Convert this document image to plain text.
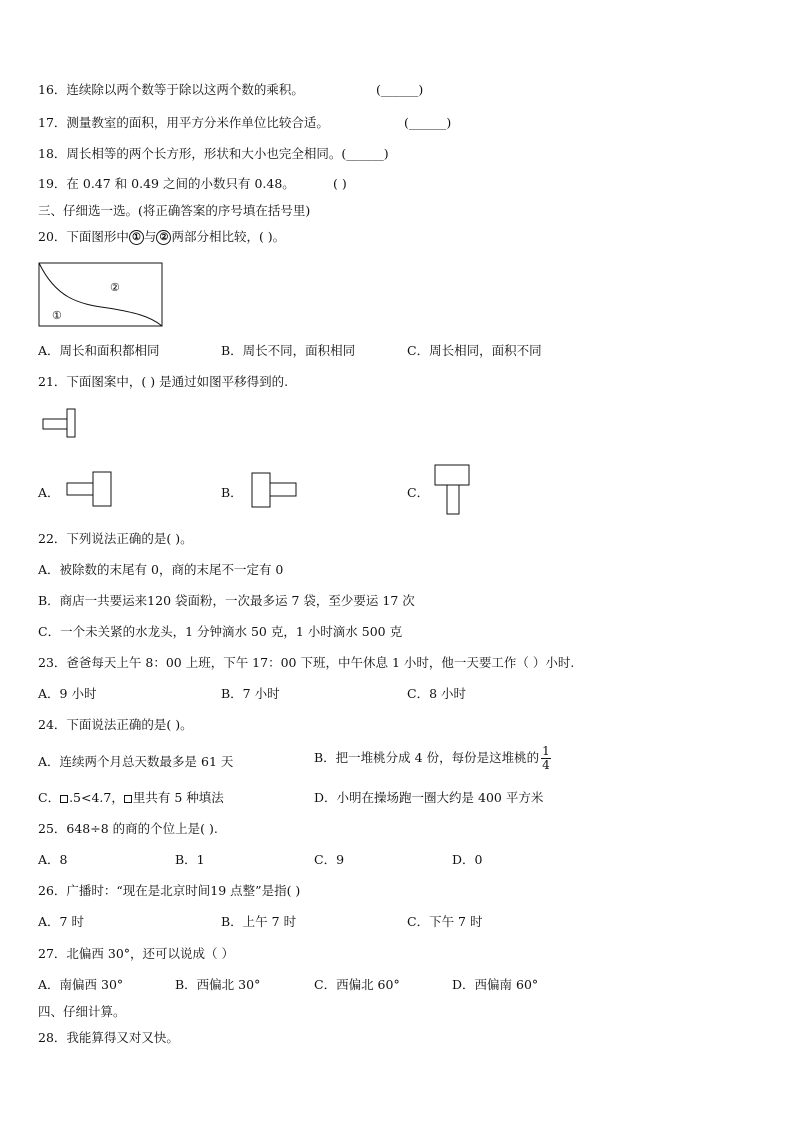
16．连续除以两个数等于除以这两个数的乘积。	(______)
17．测量教室的面积，用平方分米作单位比较合适。	(______)
18．周长相等的两个长方形，形状和大小也完全相同。(______)
19．在 0.47 和 0.49 之间的小数只有 0.48。	( )
三、仔细选一选。(将正确答案的序号填在括号里)
20．下面图形中 ① 与 ② 两部分相比较，( )。
①
②
A．周长和面积都相同	B．周长不同，面积相同	C．周长相同，面积不同
21．下面图案中，( ) 是通过如图平移得到的.
A．	B．	C．
22．下列说法正确的是( )。
A．被除数的末尾有 0，商的末尾不一定有 0
B．商店一共要运来120 袋面粉，一次最多运 7 袋，至少要运 17 次
C．一个未关紧的水龙头，1 分钟滴水 50 克，1 小时滴水 500 克
23．爸爸每天上午 8：00 上班，下午 17：00 下班，中午休息 1 小时，他一天要工作（ ）小时.
A．9 小时	B．7 小时	C．8 小时
24．下面说法正确的是( )。
A．连续两个月总天数最多是 61 天	B．把一堆桃分成 4 份，每份是这堆桃的 $\frac{1}{4}$
C． .5<4.7， 里共有 5 种填法	D．小明在操场跑一圈大约是 400 平方米
25．648÷8 的商的个位上是( ).
A．8	B．1	C．9	D．0
26．广播时：“现在是北京时间19 点整”是指( )
A．7 时	B．上午 7 时	C．下午 7 时
27．北偏西 30°，还可以说成（ ）
A．南偏西 30°	B．西偏北 30°	C．西偏北 60°	D．西偏南 60°
四、仔细计算。
28．我能算得又对又快。
